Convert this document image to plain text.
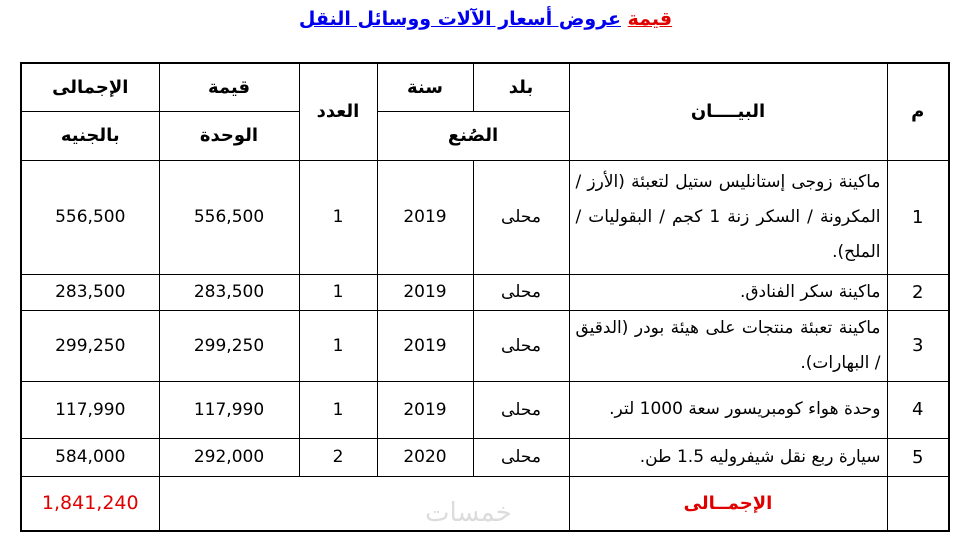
قيمة عروض أسعار الآلات ووسائل النقل
م	البيــــان	بلد	سنة	العدد	قيمة	الإجمالى
		الصُنع			الوحدة	بالجنيه
1	ماكينة زوجى إستانليس ستيل لتعبئة (الأرز / المكرونة / السكر زنة 1 كجم / البقوليات / الملح).	محلى	2019	1	556,500	556,500
2	ماكينة سكر الفنادق.	محلى	2019	1	283,500	283,500
3	ماكينة تعبئة منتجات على هيئة بودر (الدقيق / البهارات).	محلى	2019	1	299,250	299,250
4	وحدة هواء كومبريسور سعة 1000 لتر.	محلى	2019	1	117,990	117,990
5	سيارة ربع نقل شيفروليه 1.5 طن.	محلى	2020	2	292,000	584,000
	الإجمــالى					1,841,240	خمسات
